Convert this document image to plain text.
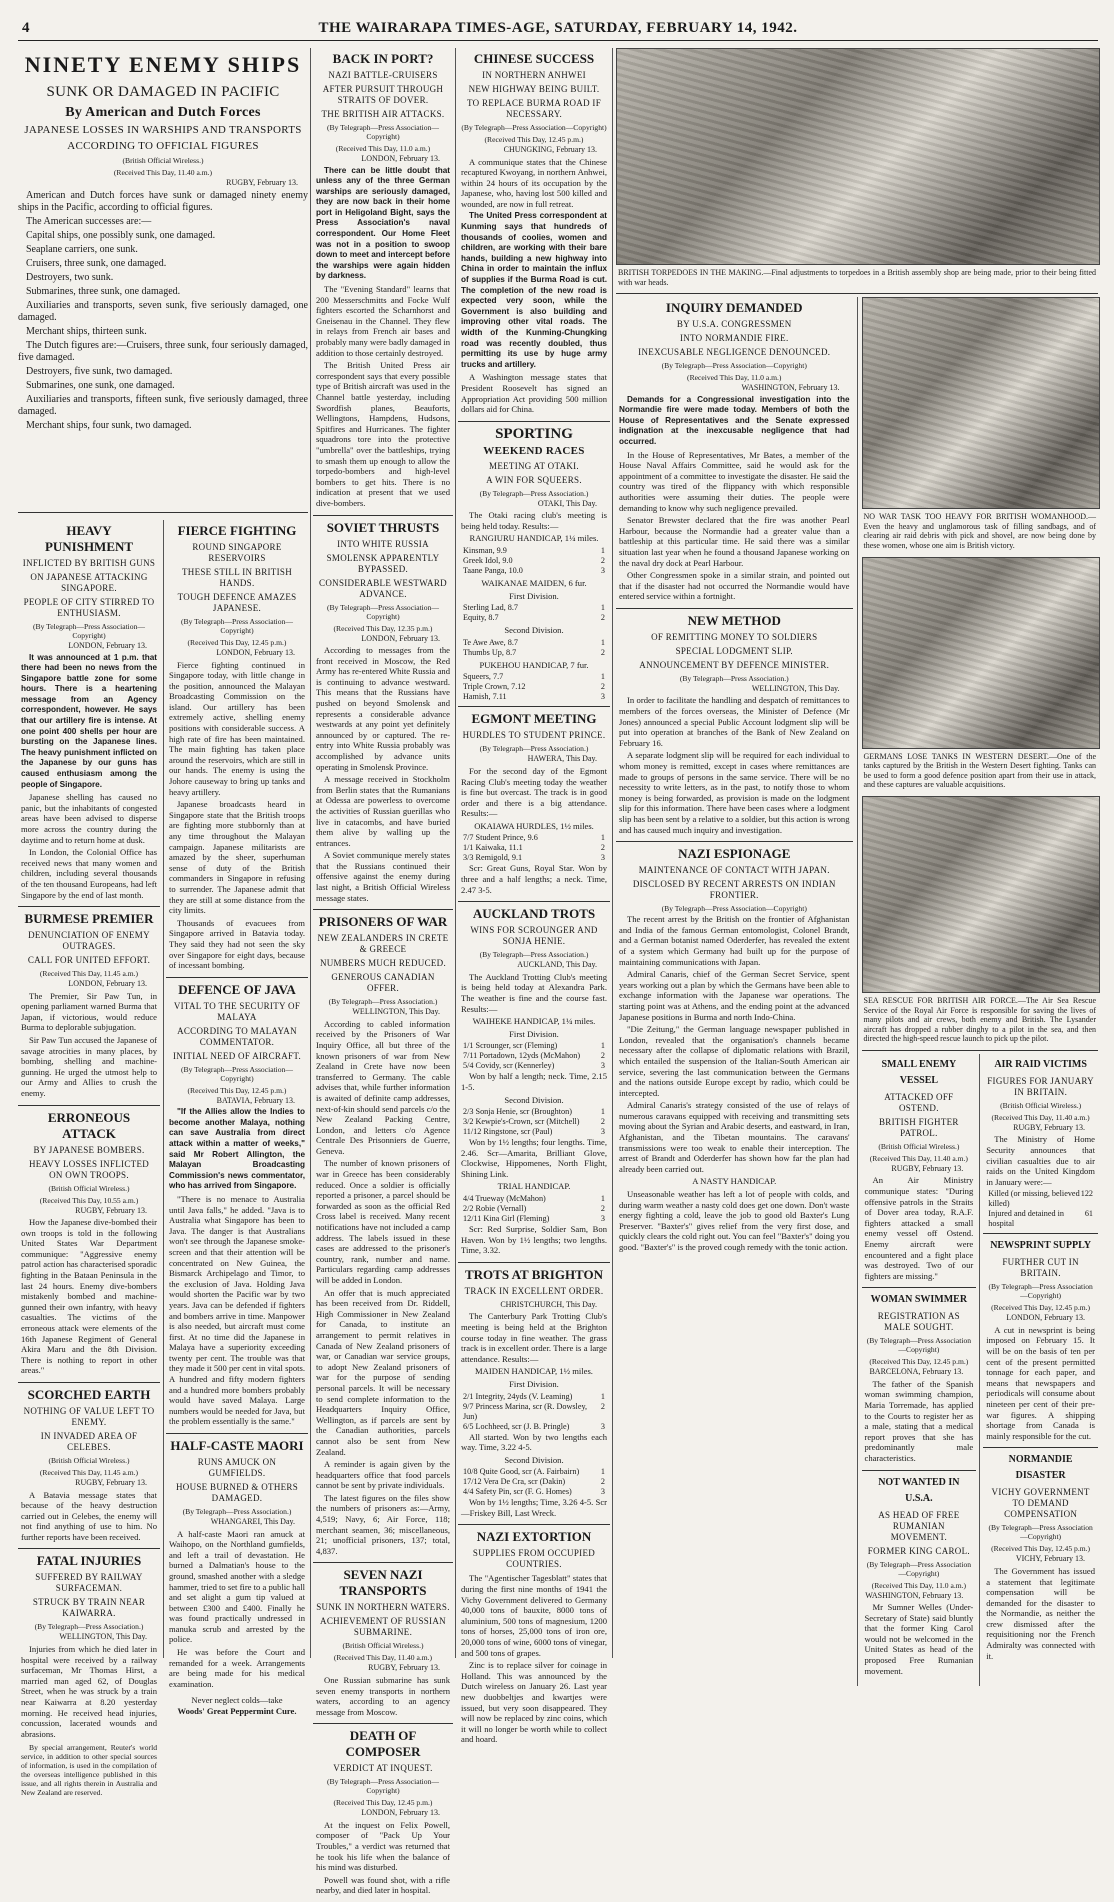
4	THE WAIRARAPA TIMES-AGE, SATURDAY, FEBRUARY 14, 1942.
NINETY ENEMY SHIPS
SUNK OR DAMAGED IN PACIFIC
By American and Dutch Forces
JAPANESE LOSSES IN WARSHIPS AND TRANSPORTS
ACCORDING TO OFFICIAL FIGURES
(British Official Wireless.)
(Received This Day, 11.40 a.m.)
RUGBY, February 13.
American and Dutch forces have sunk or damaged ninety enemy ships in the Pacific, according to official figures.
The American successes are:—
Capital ships, one possibly sunk, one damaged.
Seaplane carriers, one sunk.
Cruisers, three sunk, one damaged.
Destroyers, two sunk.
Submarines, three sunk, one damaged.
Auxiliaries and transports, seven sunk, five seriously damaged, one damaged.
Merchant ships, thirteen sunk.
The Dutch figures are:—Cruisers, three sunk, four seriously damaged, five damaged.
Destroyers, five sunk, two damaged.
Submarines, one sunk, one damaged.
Auxiliaries and transports, fifteen sunk, five seriously damaged, three damaged.
Merchant ships, four sunk, two damaged.
HEAVY PUNISHMENT
INFLICTED BY BRITISH GUNS
ON JAPANESE ATTACKING SINGAPORE.
PEOPLE OF CITY STIRRED TO ENTHUSIASM.
(By Telegraph—Press Association—Copyright)
LONDON, February 13.
It was announced at 1 p.m. that there had been no news from the Singapore battle zone for some hours. There is a heartening message from an Agency correspondent, however. He says that our artillery fire is intense. At one point 400 shells per hour are bursting on the Japanese lines. The heavy punishment inflicted on the Japanese by our guns has caused enthusiasm among the people of Singapore.
Japanese shelling has caused no panic, but the inhabitants of congested areas have been advised to disperse more across the country during the daytime and to return home at dusk.
In London, the Colonial Office has received news that many women and children, including several thousands of the ten thousand Europeans, had left Singapore by the end of last month.
BURMESE PREMIER
DENUNCIATION OF ENEMY OUTRAGES.
CALL FOR UNITED EFFORT.
(Received This Day, 11.45 a.m.)
LONDON, February 13.
The Premier, Sir Paw Tun, in opening parliament warned Burma that Japan, if victorious, would reduce Burma to deplorable subjugation.
Sir Paw Tun accused the Japanese of savage atrocities in many places, by bombing, shelling and machine-gunning. He urged the utmost help to our Army and Allies to crush the enemy.
ERRONEOUS ATTACK
BY JAPANESE BOMBERS.
HEAVY LOSSES INFLICTED ON OWN TROOPS.
(British Official Wireless.)
(Received This Day, 10.55 a.m.)
RUGBY, February 13.
How the Japanese dive-bombed their own troops is told in the following United States War Department communique: "Aggressive enemy patrol action has characterised sporadic fighting in the Bataan Peninsula in the last 24 hours. Enemy dive-bombers mistakenly bombed and machine-gunned their own infantry, with heavy casualties. The victims of the erroneous attack were elements of the 16th Japanese Regiment of General Akira Maru and the 8th Division. There is nothing to report in other areas."
SCORCHED EARTH
NOTHING OF VALUE LEFT TO ENEMY.
IN INVADED AREA OF CELEBES.
(British Official Wireless.)
(Received This Day, 11.45 a.m.)
RUGBY, February 13.
A Batavia message states that because of the heavy destruction carried out in Celebes, the enemy will not find anything of use to him. No further reports have been received.
FATAL INJURIES
SUFFERED BY RAILWAY SURFACEMAN.
STRUCK BY TRAIN NEAR KAIWARRA.
(By Telegraph—Press Association.)
WELLINGTON, This Day.
Injuries from which he died later in hospital were received by a railway surfaceman, Mr Thomas Hirst, a married man aged 62, of Douglas Street, when he was struck by a train near Kaiwarra at 8.20 yesterday morning. He received head injuries, concussion, lacerated wounds and abrasions.
By special arrangement, Reuter's world service, in addition to other special sources of information, is used in the compilation of the overseas intelligence published in this issue, and all rights therein in Australia and New Zealand are reserved.
FIERCE FIGHTING
ROUND SINGAPORE RESERVOIRS
THESE STILL IN BRITISH HANDS.
TOUGH DEFENCE AMAZES JAPANESE.
(By Telegraph—Press Association—Copyright)
(Received This Day, 12.45 p.m.)
LONDON, February 13.
Fierce fighting continued in Singapore today, with little change in the position, announced the Malayan Broadcasting Commission on the island. Our artillery has been extremely active, shelling enemy positions with considerable success. A high rate of fire has been maintained. The main fighting has taken place around the reservoirs, which are still in our hands. The enemy is using the Johore causeway to bring up tanks and heavy artillery.
Japanese broadcasts heard in Singapore state that the British troops are fighting more stubbornly than at any time throughout the Malayan campaign. Japanese militarists are amazed by the sheer, superhuman sense of duty of the British commanders in Singapore in refusing to surrender. The Japanese admit that they are still at some distance from the city limits.
Thousands of evacuees from Singapore arrived in Batavia today. They said they had not seen the sky over Singapore for eight days, because of incessant bombing.
DEFENCE OF JAVA
VITAL TO THE SECURITY OF MALAYA
ACCORDING TO MALAYAN COMMENTATOR.
INITIAL NEED OF AIRCRAFT.
(By Telegraph—Press Association—Copyright)
(Received This Day, 12.45 p.m.)
BATAVIA, February 13.
"If the Allies allow the Indies to become another Malaya, nothing can save Australia from direct attack within a matter of weeks," said Mr Robert Allington, the Malayan Broadcasting Commission's news commentator, who has arrived from Singapore.
"There is no menace to Australia until Java falls," he added. "Java is to Australia what Singapore has been to Java. The danger is that Australians won't see through the Japanese smoke-screen and that their attention will be concentrated on New Guinea, the Bismarck Archipelago and Timor, to the exclusion of Java. Holding Java would shorten the Pacific war by two years. Java can be defended if fighters and bombers arrive in time. Manpower is also needed, but aircraft must come first. At no time did the Japanese in Malaya have a superiority exceeding twenty per cent. The trouble was that they made it 500 per cent in vital spots. A hundred and fifty modern fighters and a hundred more bombers probably would have saved Malaya. Large numbers would be needed for Java, but the problem essentially is the same."
HALF-CASTE MAORI
RUNS AMUCK ON GUMFIELDS.
HOUSE BURNED & OTHERS DAMAGED.
(By Telegraph—Press Association.)
WHANGAREI, This Day.
A half-caste Maori ran amuck at Waihopo, on the Northland gumfields, and left a trail of devastation. He burned a Dalmatian's house to the ground, smashed another with a sledge hammer, tried to set fire to a public hall and set alight a gum tip valued at between £300 and £400. Finally he was found practically undressed in manuka scrub and arrested by the police.
He was before the Court and remanded for a week. Arrangements are being made for his medical examination.
Never neglect colds—take
Woods' Great Peppermint Cure.
BACK IN PORT?
NAZI BATTLE-CRUISERS
AFTER PURSUIT THROUGH STRAITS OF DOVER.
THE BRITISH AIR ATTACKS.
(By Telegraph—Press Association—Copyright)
(Received This Day, 11.0 a.m.)
LONDON, February 13.
There can be little doubt that unless any of the three German warships are seriously damaged, they are now back in their home port in Heligoland Bight, says the Press Association's naval correspondent. Our Home Fleet was not in a position to swoop down to meet and intercept before the warships were again hidden by darkness.
The "Evening Standard" learns that 200 Messerschmitts and Focke Wulf fighters escorted the Scharnhorst and Gneisenau in the Channel. They flew in relays from French air bases and probably many were badly damaged in addition to those certainly destroyed.
The British United Press air correspondent says that every possible type of British aircraft was used in the Channel battle yesterday, including Swordfish planes, Beauforts, Wellingtons, Hampdens, Hudsons, Spitfires and Hurricanes. The fighter squadrons tore into the protective "umbrella" over the battleships, trying to smash them up enough to allow the torpedo-bombers and high-level bombers to get hits. There is no indication at present that we used dive-bombers.
SOVIET THRUSTS
INTO WHITE RUSSIA
SMOLENSK APPARENTLY BYPASSED.
CONSIDERABLE WESTWARD ADVANCE.
(By Telegraph—Press Association—Copyright)
(Received This Day, 12.35 p.m.)
LONDON, February 13.
According to messages from the front received in Moscow, the Red Army has re-entered White Russia and is continuing to advance westward. This means that the Russians have pushed on beyond Smolensk and represents a considerable advance westwards at any point yet definitely announced by or captured. The re-entry into White Russia probably was accomplished by advance units operating in Smolensk Province.
A message received in Stockholm from Berlin states that the Rumanians at Odessa are powerless to overcome the activities of Russian guerillas who live in catacombs, and have buried them alive by walling up the entrances.
A Soviet communique merely states that the Russians continued their offensive against the enemy during last night, a British Official Wireless message states.
PRISONERS OF WAR
NEW ZEALANDERS IN CRETE & GREECE
NUMBERS MUCH REDUCED.
GENEROUS CANADIAN OFFER.
(By Telegraph—Press Association.)
WELLINGTON, This Day.
According to cabled information received by the Prisoners of War Inquiry Office, all but three of the known prisoners of war from New Zealand in Crete have now been transferred to Germany. The cable advises that, while further information is awaited of definite camp addresses, next-of-kin should send parcels c/o the New Zealand Packing Centre, London, and letters c/o Agence Centrale Des Prisonniers de Guerre, Geneva.
The number of known prisoners of war in Greece has been considerably reduced. Once a soldier is officially reported a prisoner, a parcel should be forwarded as soon as the official Red Cross label is received. Many recent notifications have not included a camp address. The labels issued in these cases are addressed to the prisoner's country, rank, number and name. Particulars regarding camp addresses will be added in London.
An offer that is much appreciated has been received from Dr. Riddell, High Commissioner in New Zealand for Canada, to institute an arrangement to permit relatives in Canada of New Zealand prisoners of war, or Canadian war service groups, to adopt New Zealand prisoners of war for the purpose of sending personal parcels. It will be necessary to send complete information to the Headquarters Inquiry Office, Wellington, as if parcels are sent by the Canadian authorities, parcels cannot also be sent from New Zealand.
A reminder is again given by the headquarters office that food parcels cannot be sent by private individuals.
The latest figures on the files show the numbers of prisoners as:—Army, 4,519; Navy, 6; Air Force, 118; merchant seamen, 36; miscellaneous, 21; unofficial prisoners, 137; total, 4,837.
SEVEN NAZI TRANSPORTS
SUNK IN NORTHERN WATERS.
ACHIEVEMENT OF RUSSIAN SUBMARINE.
(British Official Wireless.)
(Received This Day, 11.40 a.m.)
RUGBY, February 13.
One Russian submarine has sunk seven enemy transports in northern waters, according to an agency message from Moscow.
DEATH OF COMPOSER
VERDICT AT INQUEST.
(By Telegraph—Press Association—Copyright)
(Received This Day, 12.45 p.m.)
LONDON, February 13.
At the inquest on Felix Powell, composer of "Pack Up Your Troubles," a verdict was returned that he took his life when the balance of his mind was disturbed.
Powell was found shot, with a rifle nearby, and died later in hospital.
CHINESE SUCCESS
IN NORTHERN ANHWEI
NEW HIGHWAY BEING BUILT.
TO REPLACE BURMA ROAD IF NECESSARY.
(By Telegraph—Press Association—Copyright)
(Received This Day, 12.45 p.m.)
CHUNGKING, February 13.
A communique states that the Chinese recaptured Kwoyang, in northern Anhwei, within 24 hours of its occupation by the Japanese, who, having lost 500 killed and wounded, are now in full retreat.
The United Press correspondent at Kunming says that hundreds of thousands of coolies, women and children, are working with their bare hands, building a new highway into China in order to maintain the influx of supplies if the Burma Road is cut. The completion of the new road is expected very soon, while the Government is also building and improving other vital roads. The width of the Kunming-Chungking road was recently doubled, thus permitting its use by huge army trucks and artillery.
A Washington message states that President Roosevelt has signed an Appropriation Act providing 500 million dollars aid for China.
SPORTING
WEEKEND RACES
MEETING AT OTAKI.
A WIN FOR SQUEERS.
(By Telegraph—Press Association.)
OTAKI, This Day.
The Otaki racing club's meeting is being held today. Results:—
RANGIURU HANDICAP, 1¼ miles.
Kinsman, 9.9	1
Greek Idol, 9.0	2
Taane Panga, 10.0	3
WAIKANAE MAIDEN, 6 fur.
First Division.
Sterling Lad, 8.7	1
Equity, 8.7	2
Second Division.
Te Awe Awe, 8.7	1
Thumbs Up, 8.7	2
PUKEHOU HANDICAP, 7 fur.
Squeers, 7.7	1
Triple Crown, 7.12	2
Hamish, 7.11	3
EGMONT MEETING
HURDLES TO STUDENT PRINCE.
(By Telegraph—Press Association.)
HAWERA, This Day.
For the second day of the Egmont Racing Club's meeting today the weather is fine but overcast. The track is in good order and there is a big attendance. Results:—
OKAIAWA HURDLES, 1½ miles.
7/7 Student Prince, 9.6	1
1/1 Kaiwaka, 11.1	2
3/3 Remigold, 9.1	3
Scr: Great Guns, Royal Star. Won by three and a half lengths; a neck. Time, 2.47 3-5.
AUCKLAND TROTS
WINS FOR SCROUNGER AND SONJA HENIE.
(By Telegraph—Press Association.)
AUCKLAND, This Day.
The Auckland Trotting Club's meeting is being held today at Alexandra Park. The weather is fine and the course fast. Results:—
WAIHEKE HANDICAP, 1¼ miles.
First Division.
1/1 Scrounger, scr (Fleming)	1
7/11 Portadown, 12yds (McMahon)	2
5/4 Covidy, scr (Kennerley)	3
Won by half a length; neck. Time, 2.15 1-5.
Second Division.
2/3 Sonja Henie, scr (Broughton)	1
3/2 Kewpie's-Crown, scr (Mitchell)	2
11/12 Ringstone, scr (Paul)	3
Won by 1½ lengths; four lengths. Time, 2.46. Scr—Amarita, Brilliant Glove, Clockwise, Hippomenes, North Flight, Shining Link.
TRIAL HANDICAP.
4/4 Trueway (McMahon)	1
2/2 Robie (Vernall)	2
12/11 Kina Girl (Fleming)	3
Scr: Red Surprise, Soldier Sam, Bon Haven. Won by 1½ lengths; two lengths. Time, 3.32.
TROTS AT BRIGHTON
TRACK IN EXCELLENT ORDER.
CHRISTCHURCH, This Day.
The Canterbury Park Trotting Club's meeting is being held at the Brighton course today in fine weather. The grass track is in excellent order. There is a large attendance. Results:—
MAIDEN HANDICAP, 1½ miles.
First Division.
2/1 Integrity, 24yds (V. Leaming)	1
9/7 Princess Marina, scr (R. Dowsley, Jun)
2
6/5 Lochheed, scr (J. B. Pringle)	3
All started. Won by two lengths each way. Time, 3.22 4-5.
Second Division.
10/8 Quite Good, scr (A. Fairbairn)	1
17/12 Vera De Cra, scr (Dakin)	2
4/4 Safety Pin, scr (F. G. Homes)	3
Won by 1½ lengths; Time, 3.26 4-5. Scr—Friskey Bill, Last Wreck.
NAZI EXTORTION
SUPPLIES FROM OCCUPIED COUNTRIES.
The "Agentischer Tagesblatt" states that during the first nine months of 1941 the Vichy Government delivered to Germany 40,000 tons of bauxite, 8000 tons of aluminium, 500 tons of magnesium, 1200 tons of horses, 25,000 tons of iron ore, 20,000 tons of wine, 6000 tons of vinegar, and 500 tons of grapes.
Zinc is to replace silver for coinage in Holland. This was announced by the Dutch wireless on January 26. Last year new duobbeltjes and kwartjes were issued, but very soon disappeared. They will now be replaced by zinc coins, which it will no longer be worth while to collect and hoard.
BRITISH TORPEDOES IN THE MAKING.—Final adjustments to torpedoes in a British assembly shop are being made, prior to their being fitted with war heads.
INQUIRY DEMANDED
BY U.S.A. CONGRESSMEN
INTO NORMANDIE FIRE.
INEXCUSABLE NEGLIGENCE DENOUNCED.
(By Telegraph—Press Association—Copyright)
(Received This Day, 11.0 a.m.)
WASHINGTON, February 13.
Demands for a Congressional investigation into the Normandie fire were made today. Members of both the House of Representatives and the Senate expressed indignation at the inexcusable negligence that had occurred.
In the House of Representatives, Mr Bates, a member of the House Naval Affairs Committee, said he would ask for the appointment of a committee to investigate the disaster. He said the country was tired of the flippancy with which responsible authorities were assuming their duties. The people were demanding to know why such negligence prevailed.
Senator Brewster declared that the fire was another Pearl Harbour, because the Normandie had a greater value than a battleship at this particular time. He said there was a similar situation last year when he found a thousand Japanese working on the naval dry dock at Pearl Harbour.
Other Congressmen spoke in a similar strain, and pointed out that if the disaster had not occurred the Normandie would have entered service within a fortnight.
NEW METHOD
OF REMITTING MONEY TO SOLDIERS
SPECIAL LODGMENT SLIP.
ANNOUNCEMENT BY DEFENCE MINISTER.
(By Telegraph—Press Association.)
WELLINGTON, This Day.
In order to facilitate the handling and despatch of remittances to members of the forces overseas, the Minister of Defence (Mr Jones) announced a special Public Account lodgment slip will be put into operation at branches of the Bank of New Zealand on February 16.
A separate lodgment slip will be required for each individual to whom money is remitted, except in cases where remittances are made to groups of persons in the same service. There will be no necessity to write letters, as in the past, to notify those to whom money is being forwarded, as provision is made on the lodgment slip for this information. There have been cases where a lodgment slip has been sent by a relative to a soldier, but this action is wrong and has caused much inquiry and investigation.
NAZI ESPIONAGE
MAINTENANCE OF CONTACT WITH JAPAN.
DISCLOSED BY RECENT ARRESTS ON INDIAN FRONTIER.
(By Telegraph—Press Association—Copyright)
The recent arrest by the British on the frontier of Afghanistan and India of the famous German entomologist, Colonel Brandt, and a German botanist named Oderderfer, has revealed the extent of a system which Germany had built up for the purpose of maintaining communications with Japan.
Admiral Canaris, chief of the German Secret Service, spent years working out a plan by which the Germans have been able to exchange information with the Japanese war operations. The starting point was at Athens, and the ending point at the advanced Japanese positions in Burma and north Indo-China.
"Die Zeitung," the German language newspaper published in London, revealed that the organisation's channels became necessary after the collapse of diplomatic relations with Brazil, which entailed the suspension of the Italian-South American air service, severing the last communication between the Germans and the nations outside Europe except by radio, which could be intercepted.
Admiral Canaris's strategy consisted of the use of relays of numerous caravans equipped with receiving and transmitting sets moving about the Syrian and Arabic deserts, and eastward, in Iran, Afghanistan, and the Tibetan mountains. The caravans' transmissions were too weak to enable their interception. The arrest of Brandt and Oderderfer has shown how far the plan had already been carried out.
A NASTY HANDICAP.
Unseasonable weather has left a lot of people with colds, and during warm weather a nasty cold does get one down. Don't waste energy fighting a cold, leave the job to good old Baxter's Lung Preserver. "Baxter's" gives relief from the very first dose, and quickly clears the cold right out. You can feel "Baxter's" doing you good. "Baxter's" is the proved cough remedy with the tonic action.
NO WAR TASK TOO HEAVY FOR BRITISH WOMANHOOD.—Even the heavy and unglamorous task of filling sandbags, and of clearing air raid debris with pick and shovel, are now being done by these women, whose one aim is British victory.
GERMANS LOSE TANKS IN WESTERN DESERT.—One of the tanks captured by the British in the Western Desert fighting. Tanks can be used to form a good defence position apart from their use in attack, and these captures are valuable acquisitions.
SEA RESCUE FOR BRITISH AIR FORCE.—The Air Sea Rescue Service of the Royal Air Force is responsible for saving the lives of many pilots and air crews, both enemy and British. The Lysander aircraft has dropped a rubber dinghy to a pilot in the sea, and then directed the high-speed rescue launch to pick up the pilot.
SMALL ENEMY VESSEL
ATTACKED OFF OSTEND.
BRITISH FIGHTER PATROL.
(British Official Wireless.)
(Received This Day, 11.40 a.m.)
RUGBY, February 13.
An Air Ministry communique states: "During offensive patrols in the Straits of Dover area today, R.A.F. fighters attacked a small enemy vessel off Ostend. Enemy aircraft were encountered and a fight place was destroyed. Two of our fighters are missing."
WOMAN SWIMMER
REGISTRATION AS MALE SOUGHT.
(By Telegraph—Press Association—Copyright)
(Received This Day, 12.45 p.m.)
BARCELONA, February 13.
The father of the Spanish woman swimming champion, Maria Torremade, has applied to the Courts to register her as a male, stating that a medical report proves that she has predominantly male characteristics.
NOT WANTED IN U.S.A.
AS HEAD OF FREE RUMANIAN MOVEMENT.
FORMER KING CAROL.
(By Telegraph—Press Association—Copyright)
(Received This Day, 11.0 a.m.)
WASHINGTON, February 13.
Mr Sumner Welles (Under-Secretary of State) said bluntly that the former King Carol would not be welcomed in the United States as head of the proposed Free Rumanian movement.
AIR RAID VICTIMS
FIGURES FOR JANUARY IN BRITAIN.
(British Official Wireless.)
(Received This Day, 11.40 a.m.)
RUGBY, February 13.
The Ministry of Home Security announces that civilian casualties due to air raids on the United Kingdom in January were:—
Killed (or missing, believed killed)
122
Injured and detained in hospital
61
NEWSPRINT SUPPLY
FURTHER CUT IN BRITAIN.
(By Telegraph—Press Association—Copyright)
(Received This Day, 12.45 p.m.)
LONDON, February 13.
A cut in newsprint is being imposed on February 15. It will be on the basis of ten per cent of the present permitted tonnage for each paper, and means that newspapers and periodicals will consume about nineteen per cent of their pre-war figures. A shipping shortage from Canada is mainly responsible for the cut.
NORMANDIE DISASTER
VICHY GOVERNMENT TO DEMAND COMPENSATION
(By Telegraph—Press Association—Copyright)
(Received This Day, 12.45 p.m.)
VICHY, February 13.
The Government has issued a statement that legitimate compensation will be demanded for the disaster to the Normandie, as neither the crew dismissed after the requisitioning nor the French Admiralty was connected with it.
